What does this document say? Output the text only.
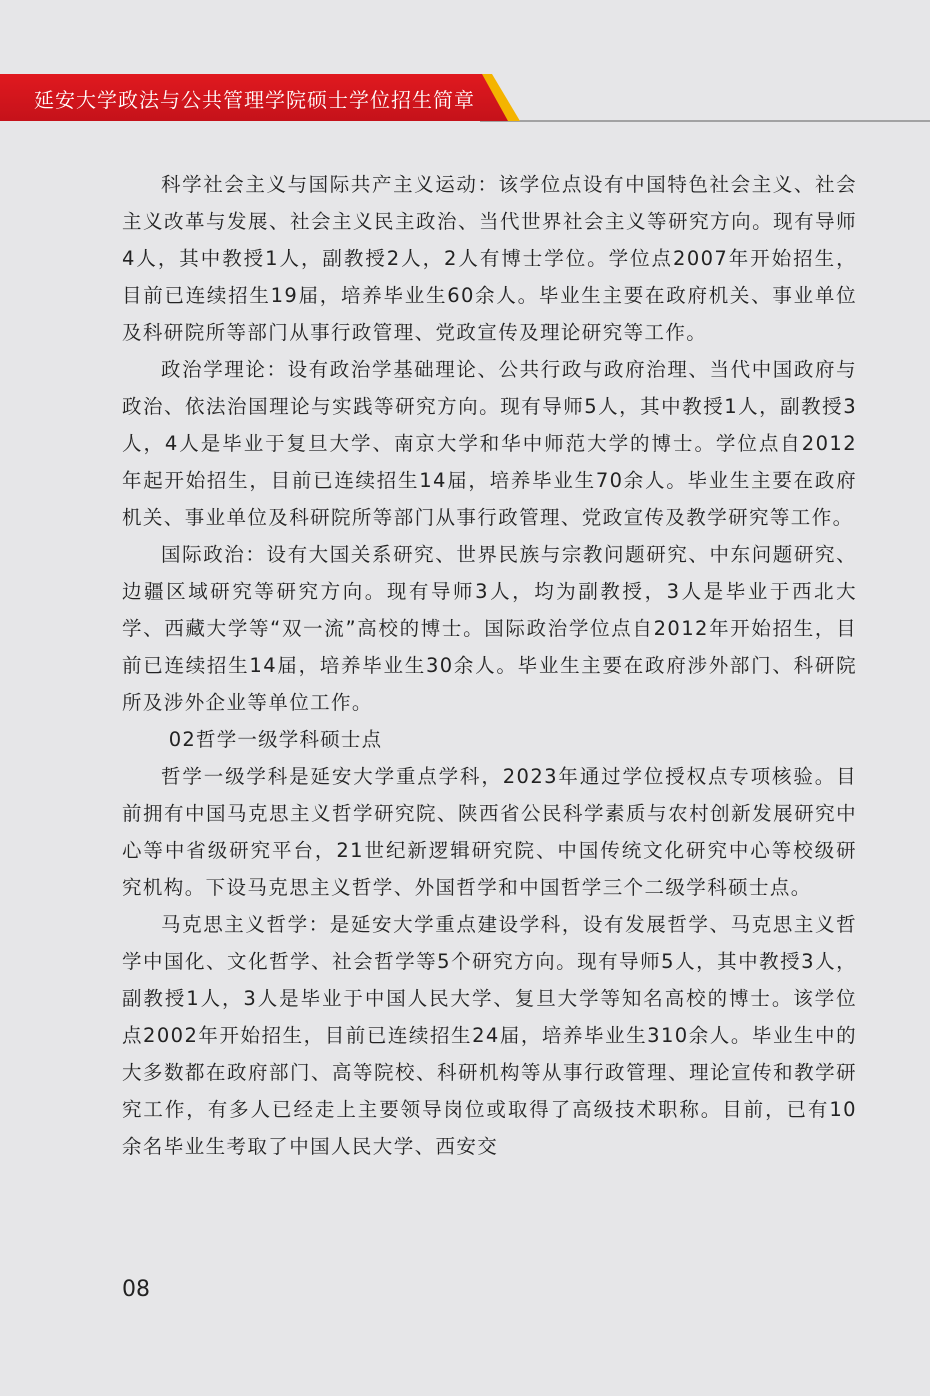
延安大学政法与公共管理学院硕士学位招生简章

科学社会主义与国际共产主义运动：该学位点设有中国特色社会主义、社会主义改革与发展、社会主义民主政治、当代世界社会主义等研究方向。现有导师4人，其中教授1人，副教授2人，2人有博士学位。学位点2007年开始招生，目前已连续招生19届，培养毕业生60余人。毕业生主要在政府机关、事业单位及科研院所等部门从事行政管理、党政宣传及理论研究等工作。

政治学理论：设有政治学基础理论、公共行政与政府治理、当代中国政府与政治、依法治国理论与实践等研究方向。现有导师5人，其中教授1人，副教授3人，4人是毕业于复旦大学、南京大学和华中师范大学的博士。学位点自2012年起开始招生，目前已连续招生14届，培养毕业生70余人。毕业生主要在政府机关、事业单位及科研院所等部门从事行政管理、党政宣传及教学研究等工作。

国际政治：设有大国关系研究、世界民族与宗教问题研究、中东问题研究、边疆区域研究等研究方向。现有导师3人，均为副教授，3人是毕业于西北大学、西藏大学等“双一流”高校的博士。国际政治学位点自2012年开始招生，目前已连续招生14届，培养毕业生30余人。毕业生主要在政府涉外部门、科研院所及涉外企业等单位工作。

02哲学一级学科硕士点

哲学一级学科是延安大学重点学科，2023年通过学位授权点专项核验。目前拥有中国马克思主义哲学研究院、陕西省公民科学素质与农村创新发展研究中心等中省级研究平台，21世纪新逻辑研究院、中国传统文化研究中心等校级研究机构。下设马克思主义哲学、外国哲学和中国哲学三个二级学科硕士点。

马克思主义哲学：是延安大学重点建设学科，设有发展哲学、马克思主义哲学中国化、文化哲学、社会哲学等5个研究方向。现有导师5人，其中教授3人，副教授1人，3人是毕业于中国人民大学、复旦大学等知名高校的博士。该学位点2002年开始招生，目前已连续招生24届，培养毕业生310余人。毕业生中的大多数都在政府部门、高等院校、科研机构等从事行政管理、理论宣传和教学研究工作，有多人已经走上主要领导岗位或取得了高级技术职称。目前，已有10余名毕业生考取了中国人民大学、西安交

08
